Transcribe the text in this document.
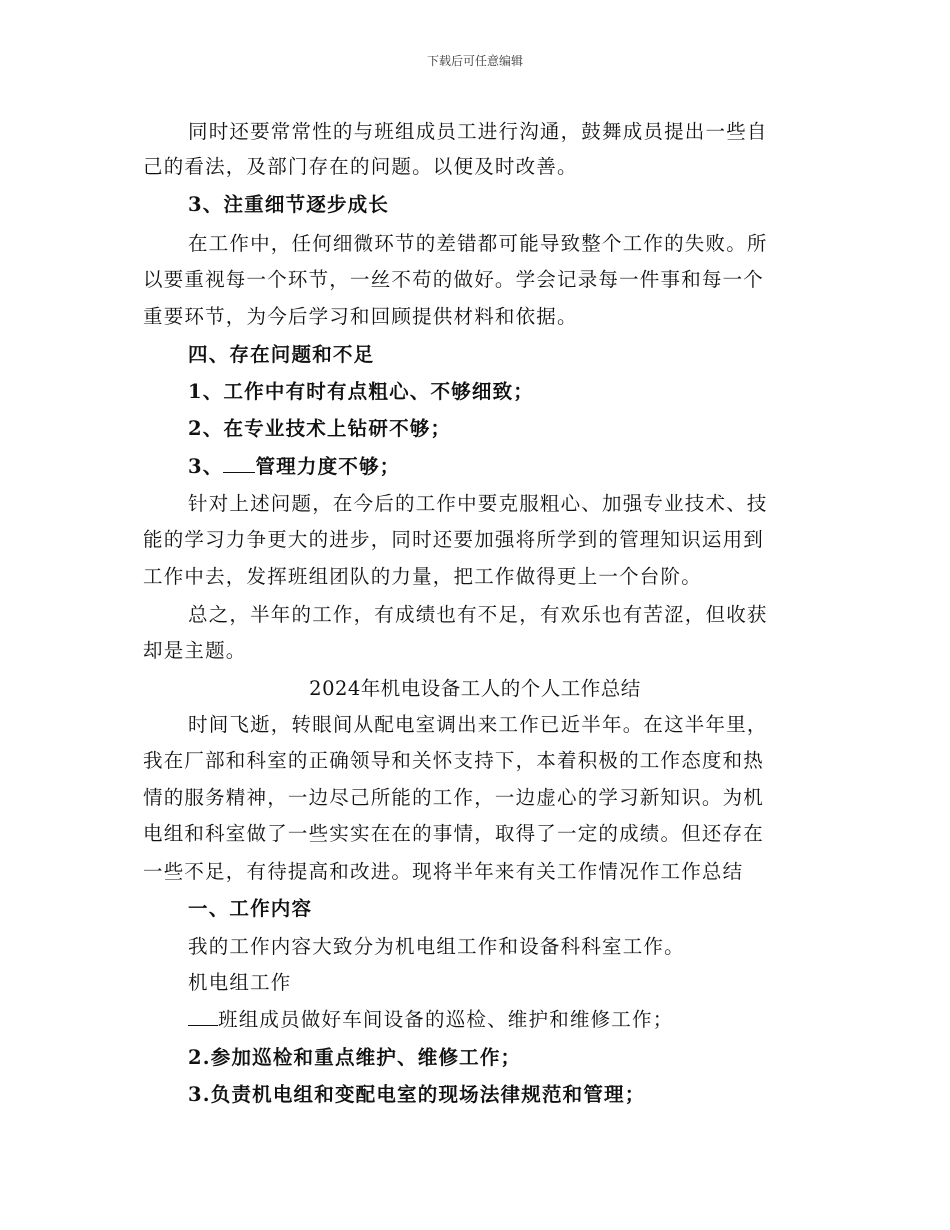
下载后可任意编辑
同时还要常常性的与班组成员工进行沟通，鼓舞成员提出一些自
己的看法，及部门存在的问题。以便及时改善。
3、注重细节逐步成长
在工作中，任何细微环节的差错都可能导致整个工作的失败。所
以要重视每一个环节，一丝不苟的做好。学会记录每一件事和每一个
重要环节，为今后学习和回顾提供材料和依据。
四、存在问题和不足
1、工作中有时有点粗心、不够细致；
2、在专业技术上钻研不够；
3、 管理力度不够；
针对上述问题，在今后的工作中要克服粗心、加强专业技术、技
能的学习力争更大的进步，同时还要加强将所学到的管理知识运用到
工作中去，发挥班组团队的力量，把工作做得更上一个台阶。
总之，半年的工作，有成绩也有不足，有欢乐也有苦涩，但收获
却是主题。
2024年机电设备工人的个人工作总结
时间飞逝，转眼间从配电室调出来工作已近半年。在这半年里，
我在厂部和科室的正确领导和关怀支持下，本着积极的工作态度和热
情的服务精神，一边尽己所能的工作，一边虚心的学习新知识。为机
电组和科室做了一些实实在在的事情，取得了一定的成绩。但还存在
一些不足，有待提高和改进。现将半年来有关工作情况作工作总结
一、工作内容
我的工作内容大致分为机电组工作和设备科科室工作。
机电组工作
班组成员做好车间设备的巡检、维护和维修工作；
2.参加巡检和重点维护、维修工作；
3.负责机电组和变配电室的现场法律规范和管理；
